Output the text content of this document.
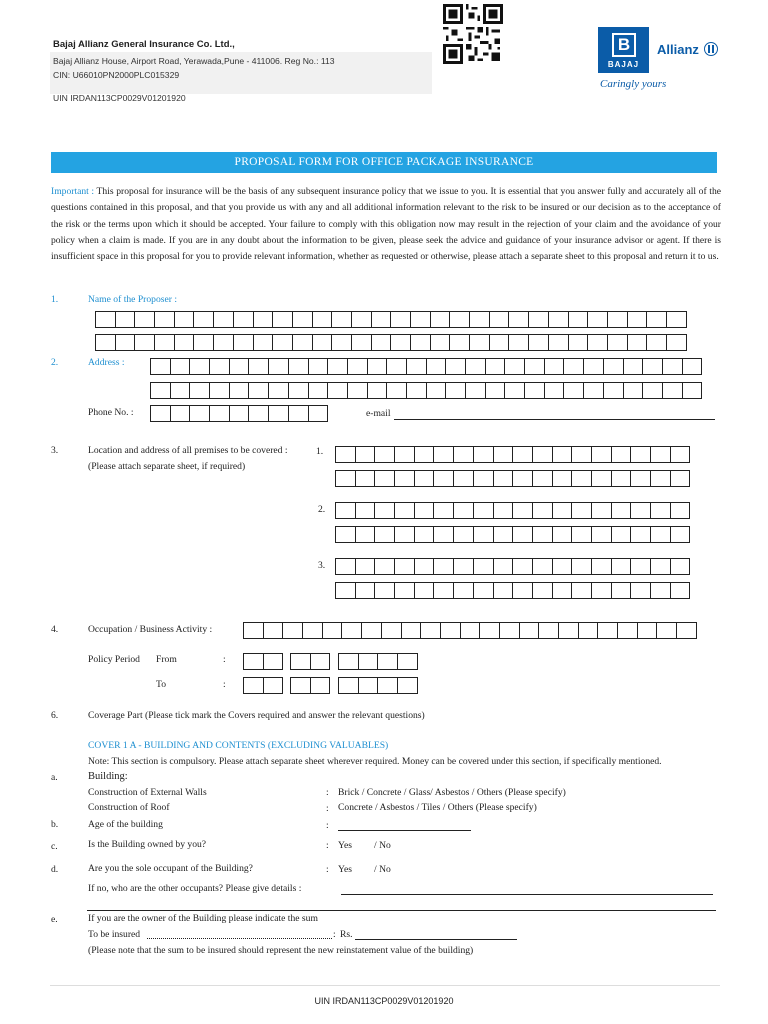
Bajaj Allianz General Insurance Co. Ltd.,
Bajaj Allianz House, Airport Road, Yerawada,Pune - 411006. Reg No.: 113
CIN: U66010PN2000PLC015329
UIN IRDAN113CP0029V01201920
B
BAJAJ
Allianz
Caringly yours
PROPOSAL FORM FOR OFFICE PACKAGE INSURANCE
Important : This proposal for insurance will be the basis of any subsequent insurance policy that we issue to you. It is essential that you answer fully and accurately all of the questions contained in this proposal, and that you provide us with any and all additional information relevant to the risk to be insured or our decision as to the acceptance of the risk or the terms upon which it should be accepted. Your failure to comply with this obligation now may result in the rejection of your claim and the avoidance of your policy when a claim is made. If you are in any doubt about the information to be given, please seek the advice and guidance of your insurance advisor or agent. If there is insufficient space in this proposal for you to provide relevant information, whether as requested or otherwise, please attach a separate sheet to this proposal and return it to us.
1.	Name of the Proposer :
2.	Address :
Phone No. :	e-mail
3.	Location and address of all premises to be covered :
(Please attach separate sheet, if required)
1.
2.
3.
4.	Occupation / Business Activity :
Policy Period From	:
To	:
6.	Coverage Part (Please tick mark the Covers required and answer the relevant questions)
COVER 1 A - BUILDING AND CONTENTS (EXCLUDING VALUABLES)
Note: This section is compulsory. Please attach separate sheet wherever required. Money can be covered under this section, if specifically mentioned.
a.	Building:
Construction of External Walls	: Brick / Concrete / Glass/ Asbestos / Others (Please specify)
Construction of Roof	: Concrete / Asbestos / Tiles / Others (Please specify)
b.	Age of the building	:
c.	Is the Building owned by you?	: Yes / No
d.	Are you the sole occupant of the Building?	: Yes / No
If no, who are the other occupants? Please give details :
e.	If you are the owner of the Building please indicate the sum
To be insured	: Rs.
(Please note that the sum to be insured should represent the new reinstatement value of the building)
UIN IRDAN113CP0029V01201920
